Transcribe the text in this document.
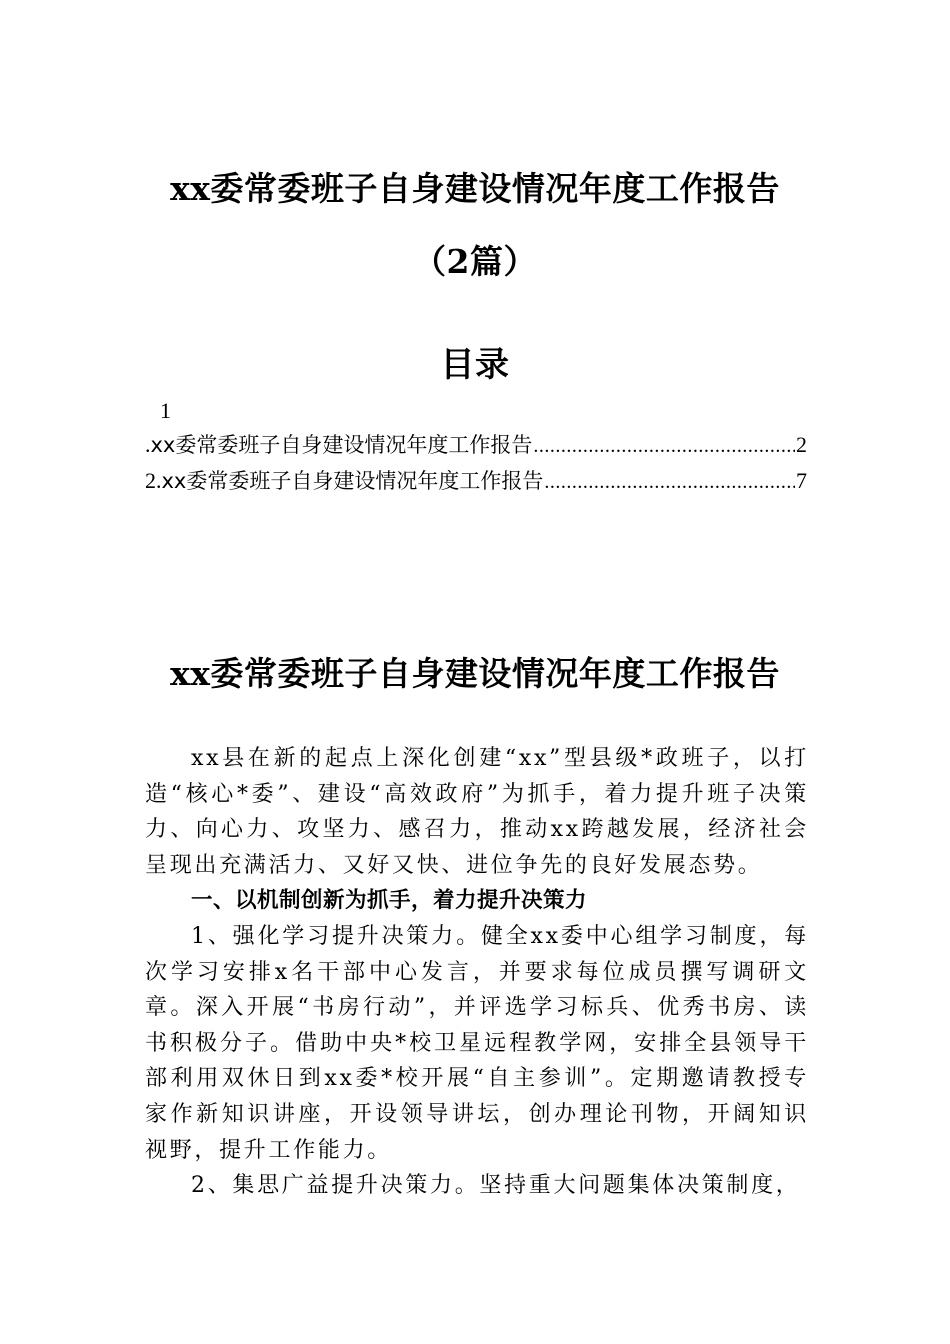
xx委常委班子自身建设情况年度工作报告
（2篇）
目录
1
. xx委常委班子自身建设情况年度工作报告 .....	2
2. xx委常委班子自身建设情况年度工作报告 .....	7
xx委常委班子自身建设情况年度工作报告

xx县在新的起点上深化创建“xx”型县级*政班子，以打造“核心*委”、建设“高效政府”为抓手，着力提升班子决策力、向心力、攻坚力、感召力，推动xx跨越发展，经济社会呈现出充满活力、又好又快、进位争先的良好发展态势。

一、以机制创新为抓手，着力提升决策力

1、强化学习提升决策力。健全xx委中心组学习制度，每次学习安排x名干部中心发言，并要求每位成员撰写调研文章。深入开展“书房行动”，并评选学习标兵、优秀书房、读书积极分子。借助中央*校卫星远程教学网，安排全县领导干部利用双休日到xx委*校开展“自主参训”。定期邀请教授专家作新知识讲座，开设领导讲坛，创办理论刊物，开阔知识视野，提升工作能力。

2、集思广益提升决策力。坚持重大问题集体决策制度，
